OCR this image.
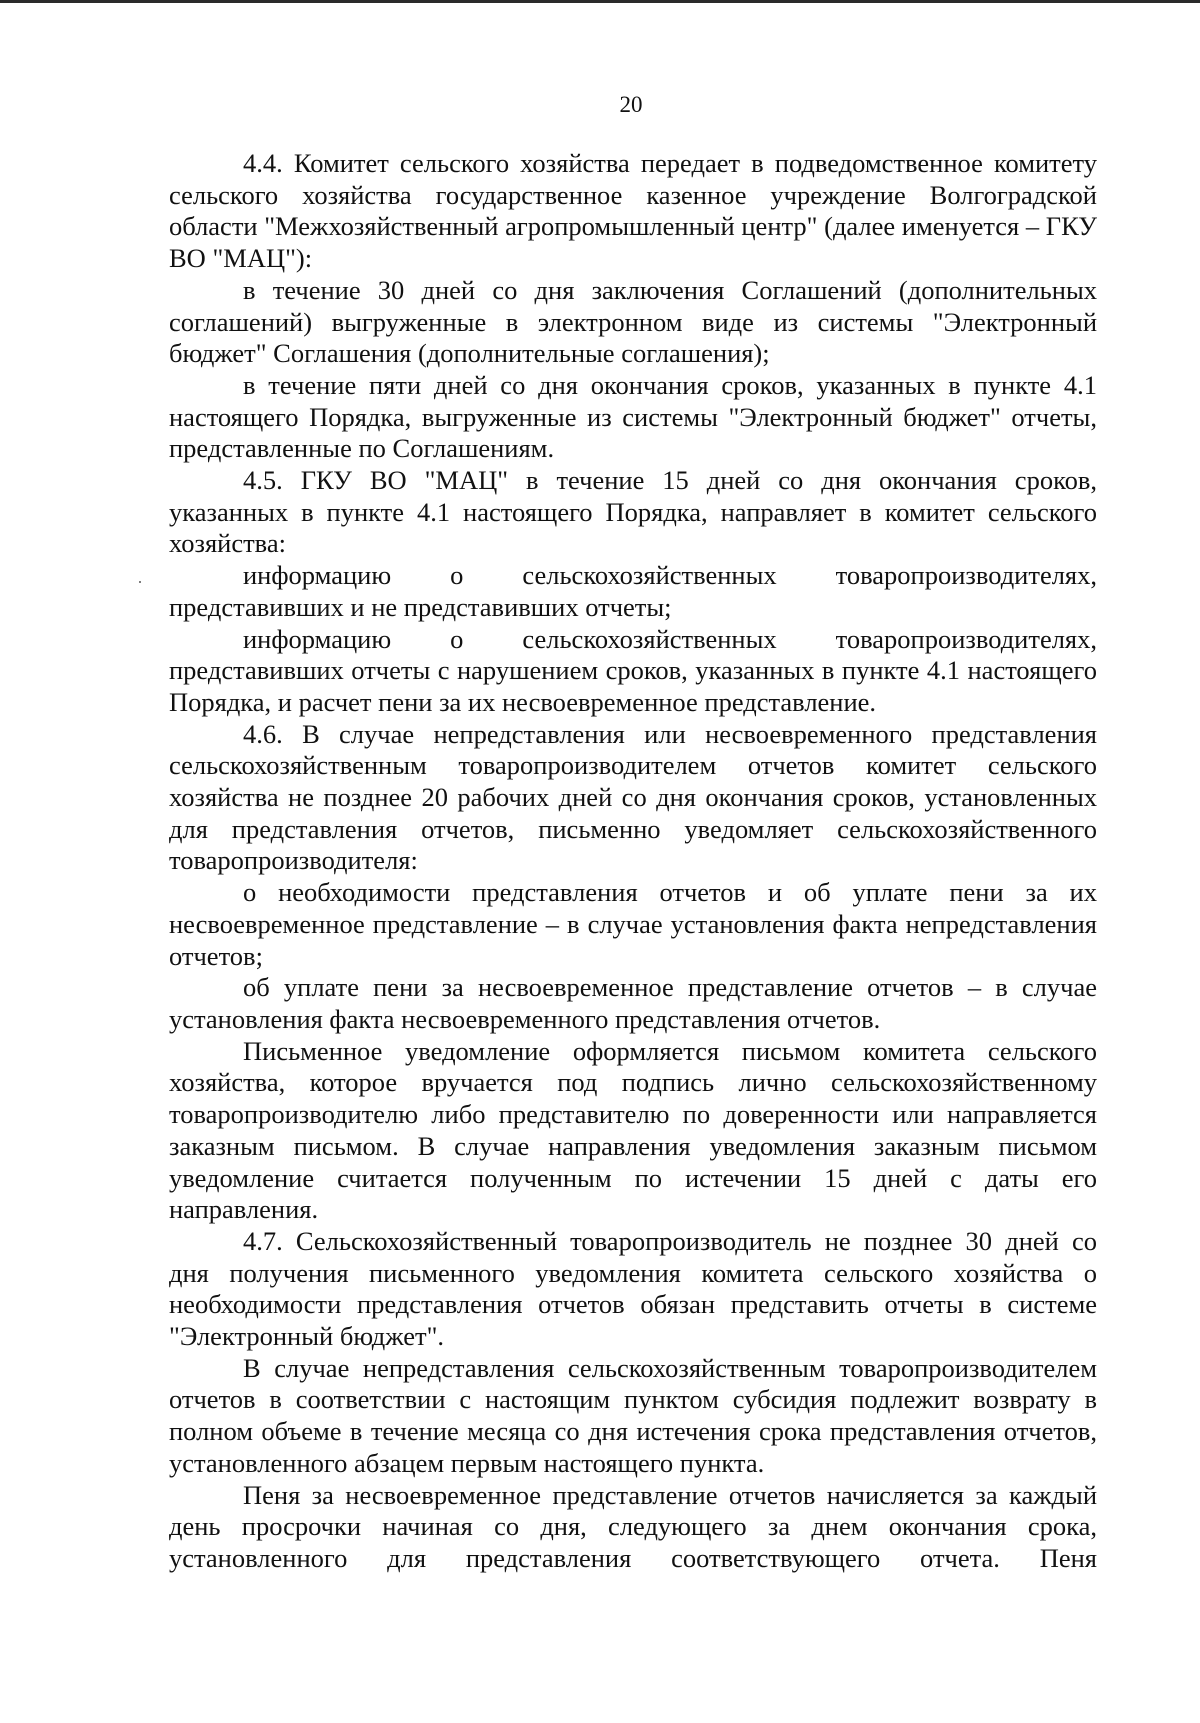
20

4.4. Комитет сельского хозяйства передает в подведомственное комитету сельского хозяйства государственное казенное учреждение Волгоградской области "Межхозяйственный агропромышленный центр" (далее именуется – ГКУ ВО "МАЦ"):

в течение 30 дней со дня заключения Соглашений (дополнительных соглашений) выгруженные в электронном виде из системы "Электронный бюджет" Соглашения (дополнительные соглашения);

в течение пяти дней со дня окончания сроков, указанных в пункте 4.1 настоящего Порядка, выгруженные из системы "Электронный бюджет" отчеты, представленные по Соглашениям.

4.5. ГКУ ВО "МАЦ" в течение 15 дней со дня окончания сроков, указанных в пункте 4.1 настоящего Порядка, направляет в комитет сельского хозяйства:

информацию о сельскохозяйственных товаропроизводителях, представивших и не представивших отчеты;

информацию о сельскохозяйственных товаропроизводителях, представивших отчеты с нарушением сроков, указанных в пункте 4.1 настоящего Порядка, и расчет пени за их несвоевременное представление.

4.6. В случае непредставления или несвоевременного представления сельскохозяйственным товаропроизводителем отчетов комитет сельского хозяйства не позднее 20 рабочих дней со дня окончания сроков, установленных для представления отчетов, письменно уведомляет сельскохозяйственного товаропроизводителя:

о необходимости представления отчетов и об уплате пени за их несвоевременное представление – в случае установления факта непредставления отчетов;

об уплате пени за несвоевременное представление отчетов – в случае установления факта несвоевременного представления отчетов.

Письменное уведомление оформляется письмом комитета сельского хозяйства, которое вручается под подпись лично сельскохозяйственному товаропроизводителю либо представителю по доверенности или направляется заказным письмом. В случае направления уведомления заказным письмом уведомление считается полученным по истечении 15 дней с даты его направления.

4.7. Сельскохозяйственный товаропроизводитель не позднее 30 дней со дня получения письменного уведомления комитета сельского хозяйства о необходимости представления отчетов обязан представить отчеты в системе "Электронный бюджет".

В случае непредставления сельскохозяйственным товаропроизводителем отчетов в соответствии с настоящим пунктом субсидия подлежит возврату в полном объеме в течение месяца со дня истечения срока представления отчетов, установленного абзацем первым настоящего пункта.

Пеня за несвоевременное представление отчетов начисляется за каждый день просрочки начиная со дня, следующего за днем окончания срока, установленного для представления соответствующего отчета. Пеня
